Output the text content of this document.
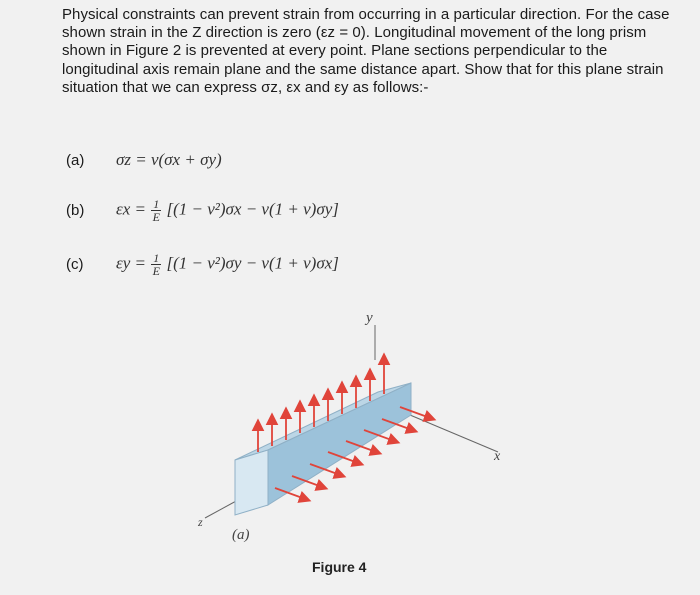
Physical constraints can prevent strain from occurring in a particular direction. For the case shown strain in the Z direction is zero (εz = 0). Longitudinal movement of the long prism shown in Figure 2 is prevented at every point. Plane sections perpendicular to the longitudinal axis remain plane and the same distance apart. Show that for this plane strain situation that we can express σz, εx and εy as follows:-
(a)	σz = ν(σx + σy)
(b)	$\varepsilon x = \frac{1}{E} [(1 - \nu^2)\sigma x - \nu(1 + \nu)\sigma y]$
(c)	$\varepsilon y = \frac{1}{E} [(1 - \nu^2)\sigma y - \nu(1 + \nu)\sigma x]$
y
x
z
(a)
Figure 4
